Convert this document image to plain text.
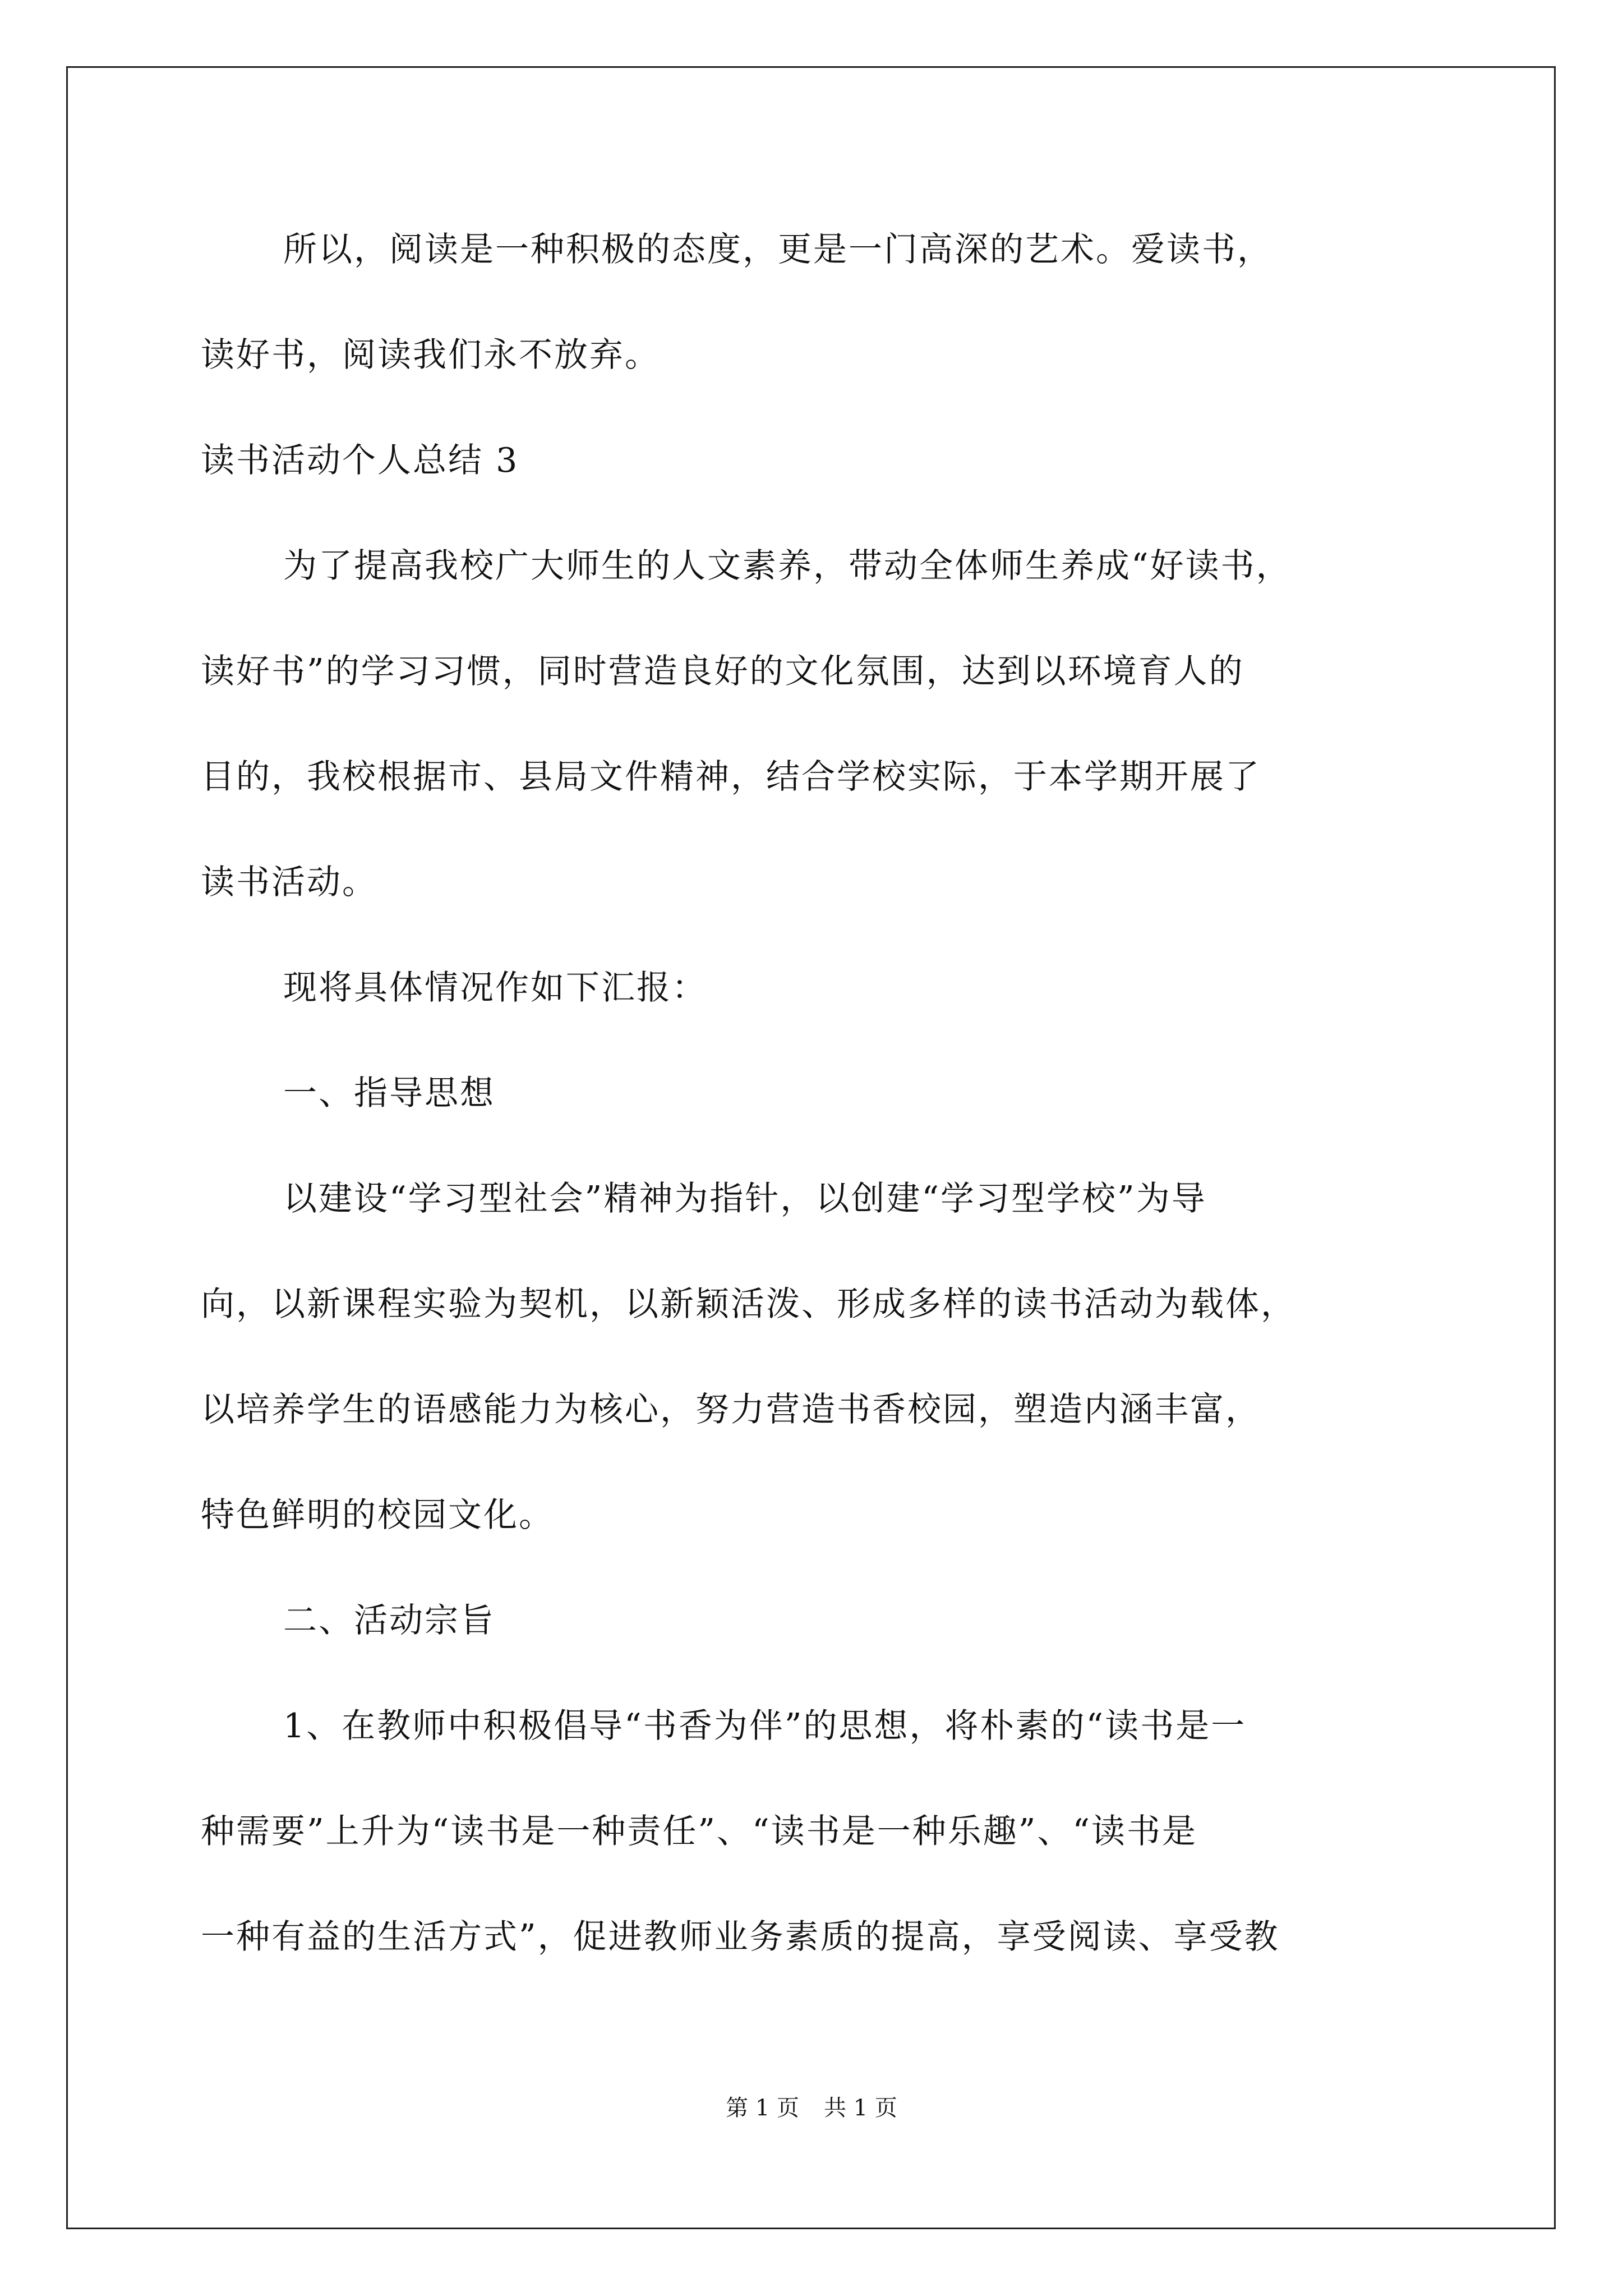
所以，阅读是一种积极的态度，更是一门高深的艺术。爱读书，
读好书，阅读我们永不放弃。
读书活动个人总结 3
为了提高我校广大师生的人文素养，带动全体师生养成“好读书，
读好书”的学习习惯，同时营造良好的文化氛围，达到以环境育人的
目的，我校根据市、县局文件精神，结合学校实际，于本学期开展了
读书活动。
现将具体情况作如下汇报：
一、指导思想
以建设“学习型社会”精神为指针，以创建“学习型学校”为导
向，以新课程实验为契机，以新颖活泼、形成多样的读书活动为载体，
以培养学生的语感能力为核心，努力营造书香校园，塑造内涵丰富，
特色鲜明的校园文化。
二、活动宗旨
1、在教师中积极倡导“书香为伴”的思想，将朴素的“读书是一
种需要”上升为“读书是一种责任”、“读书是一种乐趣”、“读书是
一种有益的生活方式”，促进教师业务素质的提高，享受阅读、享受教
第 1 页 共 1 页
